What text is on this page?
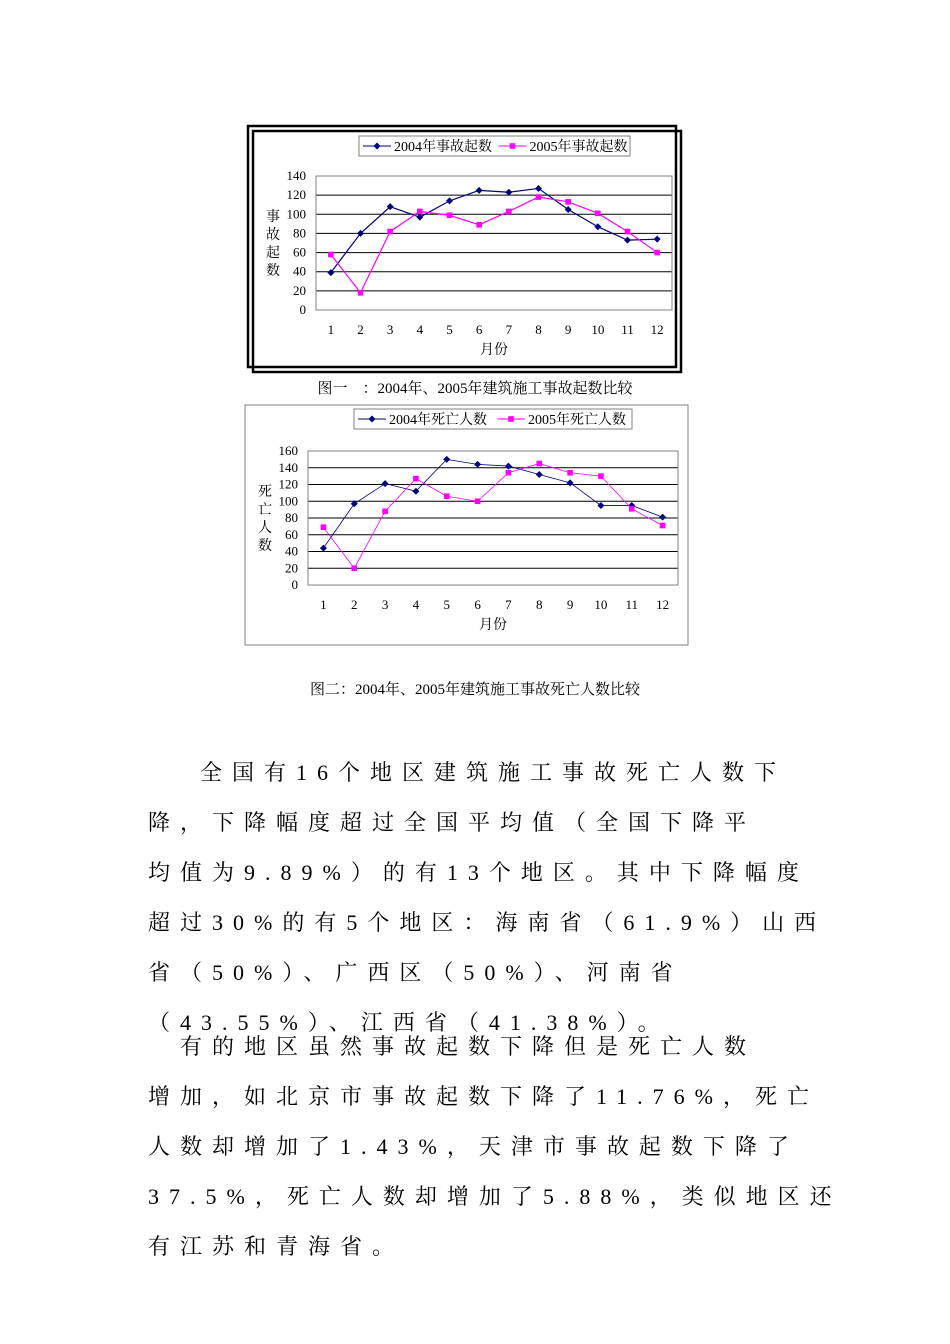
0
20
40
60
80
100
120
140
1 2 3 4 5 6 7 8 9 10 11 12
月份
事故起数
2004年事故起数	2005年事故起数
0
20
40
60
80
100
120
140
160
1 2 3 4 5 6 7 8 9 10 11 12
月份
死亡人数
2004年死亡人数	2005年死亡人数
图一　：2004年、2005年建筑施工事故起数比较
图二：2004年、2005年建筑施工事故死亡人数比较
全国有16个地区建筑施工事故死亡人数下
降，下降幅度超过全国平均值（全国下降平
均值为9.89%）的有13个地区。其中下降幅度
超过30%的有5个地区：海南省（61.9%）山西
省（50%）、广西区（50%）、河南省
（43.55%）、江西省（41.38%）。
有的地区虽然事故起数下降但是死亡人数
增加，如北京市事故起数下降了11.76%，死亡
人数却增加了1.43%，天津市事故起数下降了
37.5%，死亡人数却增加了5.88%，类似地区还
有江苏和青海省。
